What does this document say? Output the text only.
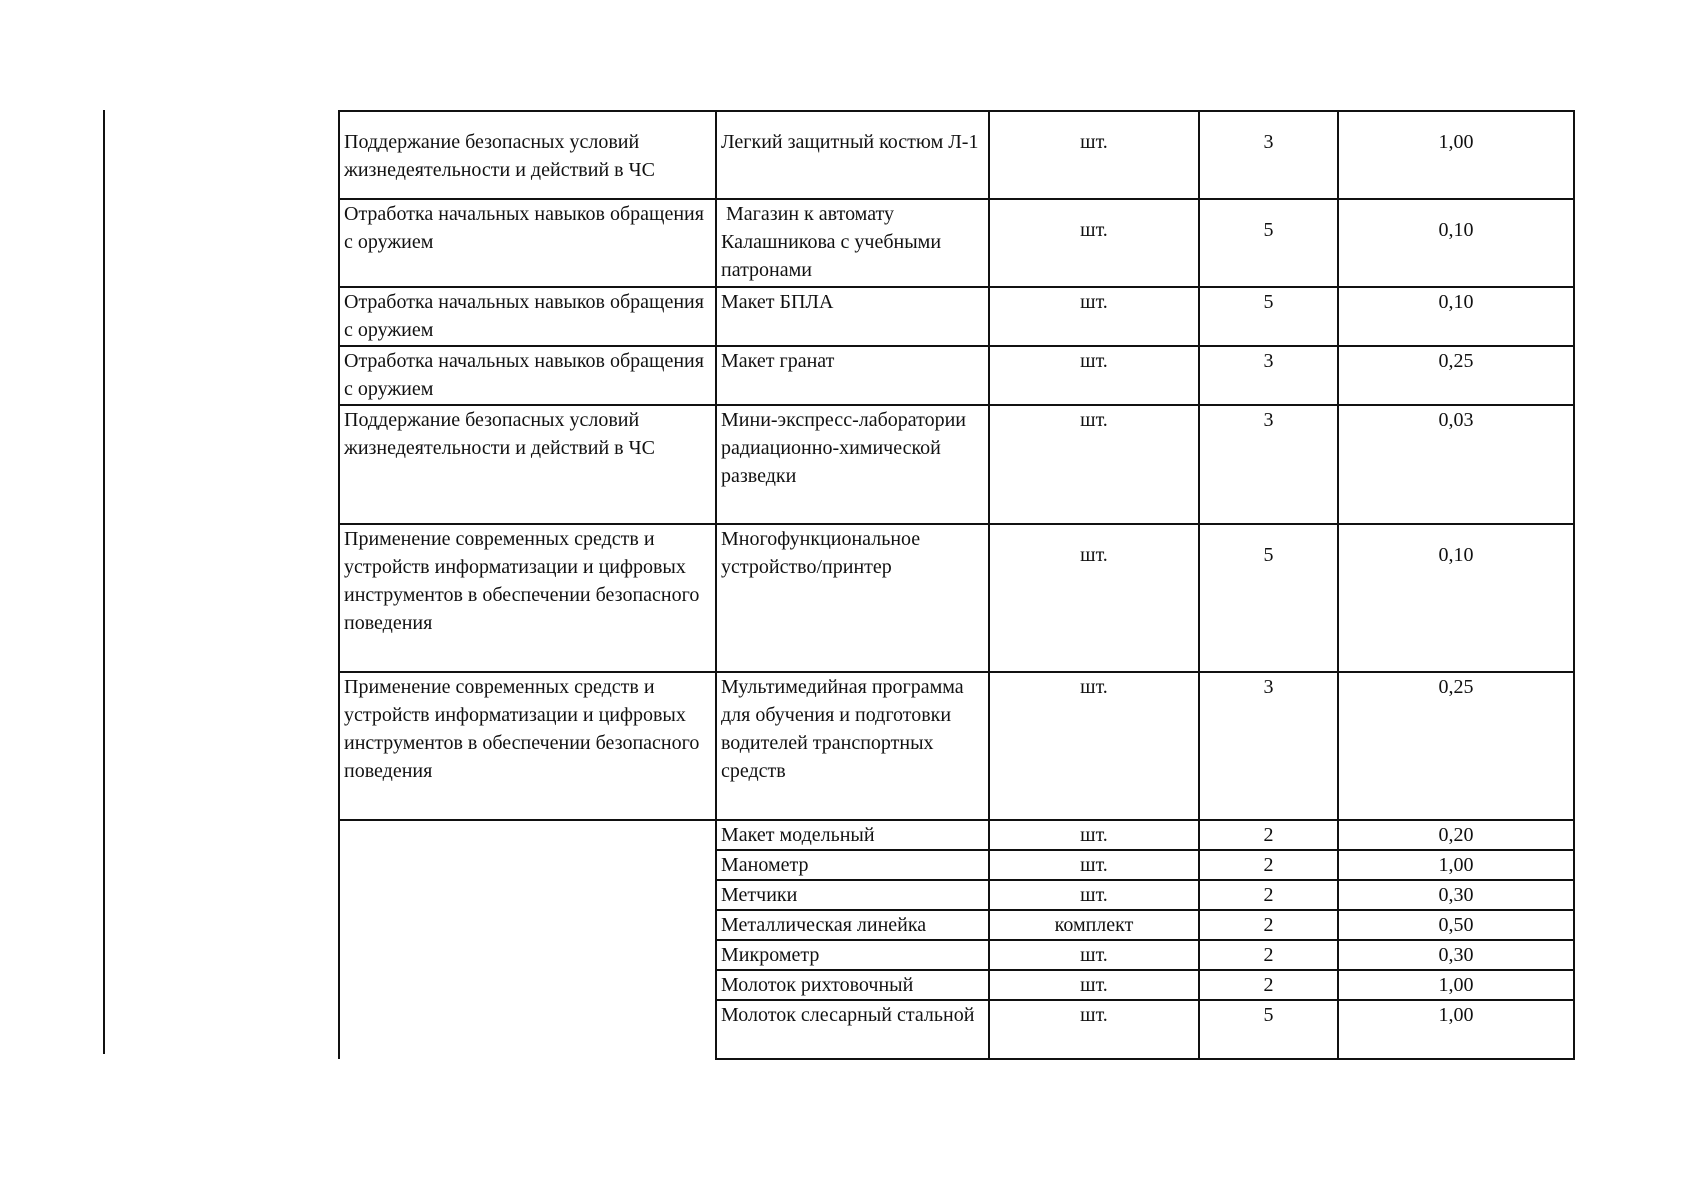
Поддержание безопасных условий жизнедеятельности и действий в ЧС	Легкий защитный костюм Л-1	шт.	3	1,00
Отработка начальных навыков обращения с оружием	Магазин к автомату Калашникова с учебными патронами	шт.	5	0,10
Отработка начальных навыков обращения с оружием	Макет БПЛА	шт.	5	0,10
Отработка начальных навыков обращения с оружием	Макет гранат	шт.	3	0,25
Поддержание безопасных условий жизнедеятельности и действий в ЧС	Мини-экспресс-лаборатории радиационно-химической разведки	шт.	3	0,03
Применение современных средств и устройств информатизации и цифровых инструментов в обеспечении безопасного поведения	Многофункциональное устройство/принтер	шт.	5	0,10
Применение современных средств и устройств информатизации и цифровых инструментов в обеспечении безопасного поведения	Мультимедийная программа для обучения и подготовки водителей транспортных средств	шт.	3	0,25
	Макет модельный	шт.	2	0,20
	Манометр	шт.	2	1,00
	Метчики	шт.	2	0,30
	Металлическая линейка	комплект	2	0,50
	Микрометр	шт.	2	0,30
	Молоток рихтовочный	шт.	2	1,00
	Молоток слесарный стальной	шт.	5	1,00
